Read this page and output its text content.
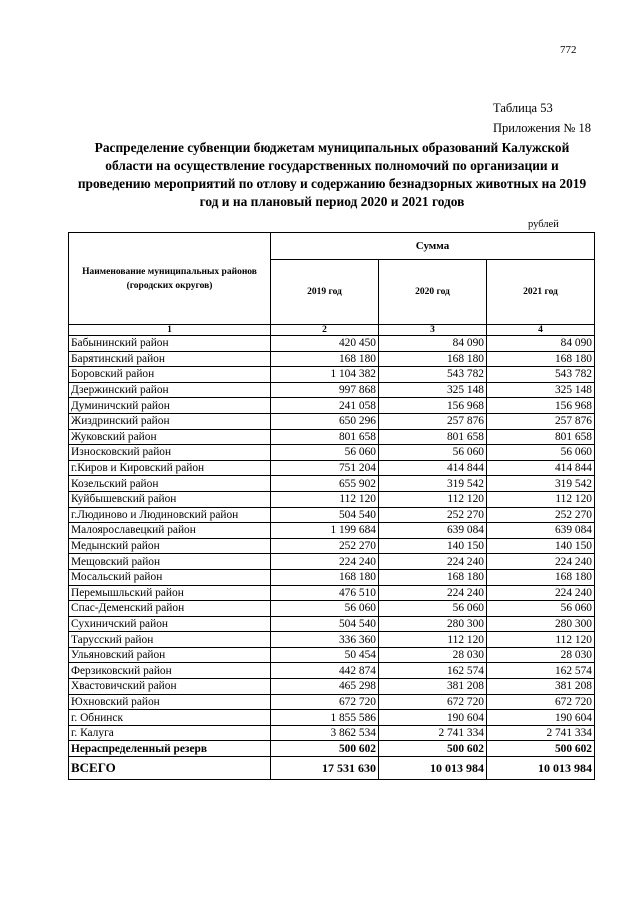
772
Таблица 53
Приложения № 18
Распределение субвенции бюджетам муниципальных образований Калужской области на осуществление государственных полномочий по организации и проведению мероприятий по отлову и содержанию безнадзорных животных на 2019 год и на плановый период 2020 и 2021 годов
рублей
Наименование муниципальных районов (городских округов)	Сумма		
	2019 год	2020 год	2021 год
1	2	3	4
Бабынинский район	420 450	84 090	84 090
Барятинский район	168 180	168 180	168 180
Боровский район	1 104 382	543 782	543 782
Дзержинский район	997 868	325 148	325 148
Думиничский район	241 058	156 968	156 968
Жиздринский район	650 296	257 876	257 876
Жуковский район	801 658	801 658	801 658
Износковский район	56 060	56 060	56 060
г.Киров и Кировский район	751 204	414 844	414 844
Козельский район	655 902	319 542	319 542
Куйбышевский район	112 120	112 120	112 120
г.Людиново и Людиновский район	504 540	252 270	252 270
Малоярославецкий район	1 199 684	639 084	639 084
Медынский район	252 270	140 150	140 150
Мещовский район	224 240	224 240	224 240
Мосальский район	168 180	168 180	168 180
Перемышльский район	476 510	224 240	224 240
Спас-Деменский район	56 060	56 060	56 060
Сухиничский район	504 540	280 300	280 300
Тарусский район	336 360	112 120	112 120
Ульяновский район	50 454	28 030	28 030
Ферзиковский район	442 874	162 574	162 574
Хвастовичский район	465 298	381 208	381 208
Юхновский район	672 720	672 720	672 720
г. Обнинск	1 855 586	190 604	190 604
г. Калуга	3 862 534	2 741 334	2 741 334
Нераспределенный резерв	500 602	500 602	500 602
ВСЕГО	17 531 630	10 013 984	10 013 984
